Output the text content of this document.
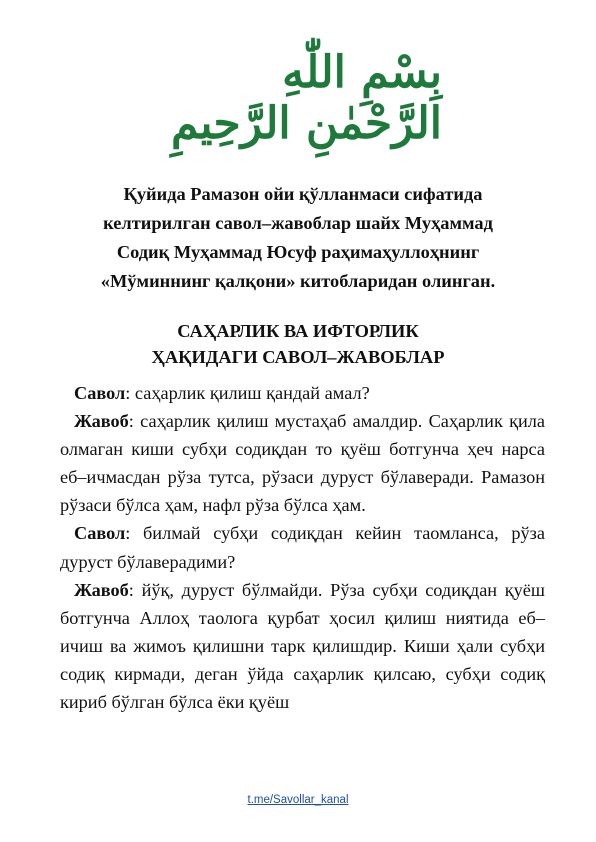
بِسْمِ اللّٰهِ الرَّحْمٰنِ الرَّحِيمِ
Қуйида Рамазон ойи қўлланмаси сифатида
келтирилган савол–жавоблар шайх Муҳаммад
Содиқ Муҳаммад Юсуф раҳимаҳуллоҳнинг
«Мўминнинг қалқони» китобларидан олинган.
САҲАРЛИК ВА ИФТОРЛИК
ҲАҚИДАГИ САВОЛ–ЖАВОБЛАР

Савол: саҳарлик қилиш қандай амал?

Жавоб: саҳарлик қилиш мустаҳаб амалдир. Саҳарлик қила олмаган киши субҳи содиқдан то қуёш ботгунча ҳеч нарса еб–ичмасдан рўза тутса, рўзаси дуруст бўлаверади. Рамазон рўзаси бўлса ҳам, нафл рўза бўлса ҳам.

Савол: билмай субҳи содиқдан кейин таомланса, рўза дуруст бўлаверадими?

Жавоб: йўқ, дуруст бўлмайди. Рўза субҳи содиқдан қуёш ботгунча Аллоҳ таолога қурбат ҳосил қилиш ниятида еб–ичиш ва жимоъ қилишни тарк қилишдир. Киши ҳали субҳи содиқ кирмади, деган ўйда саҳарлик қилсаю, субҳи содиқ кириб бўлган бўлса ёки қуёш

t.me/Savollar_kanal
